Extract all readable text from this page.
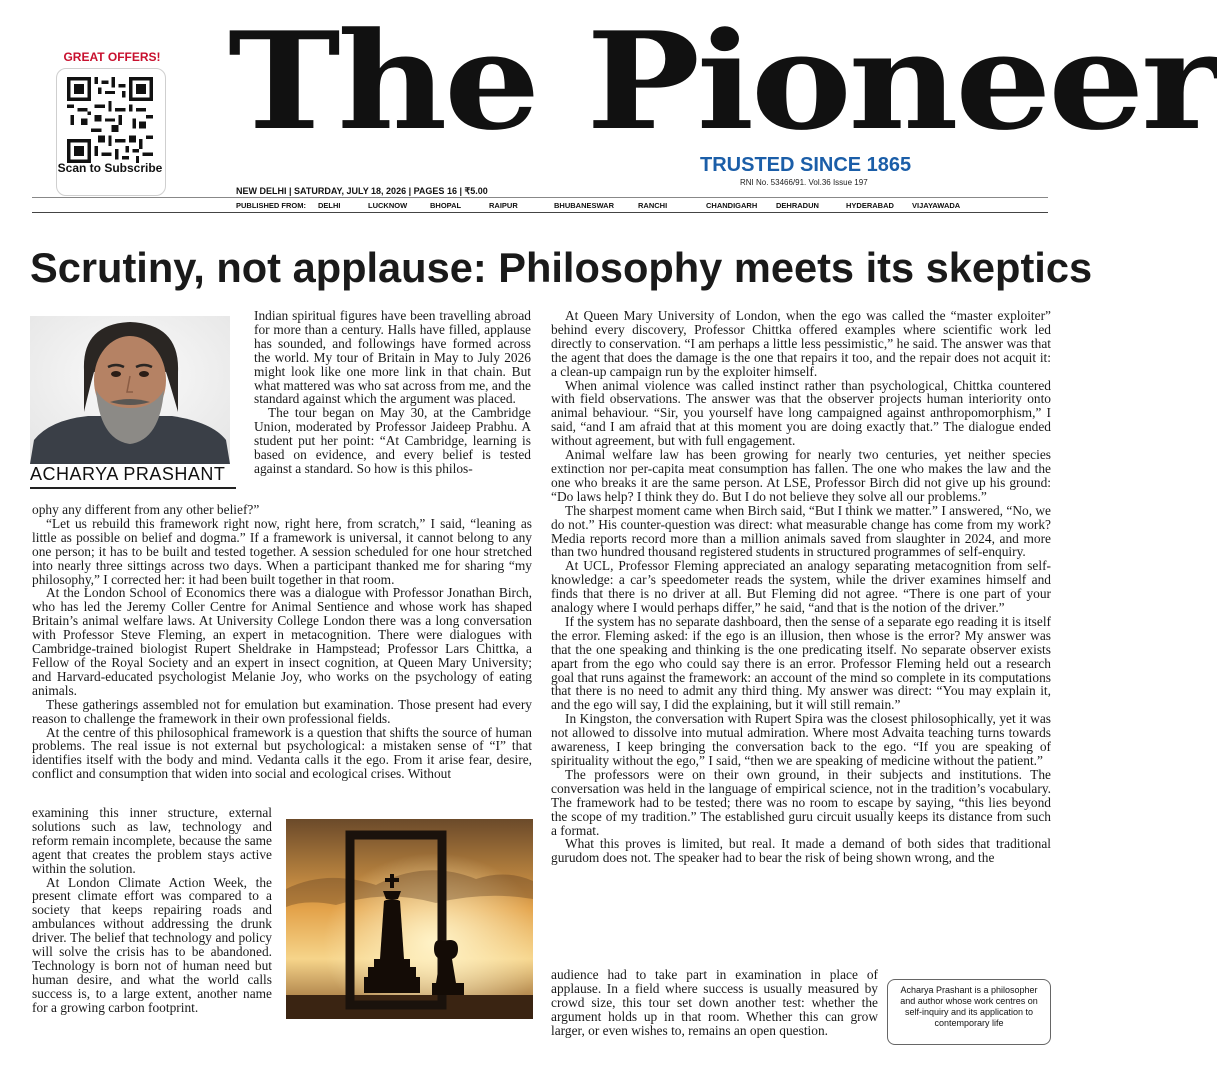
GREAT OFFERS!
Scan to Subscribe
The Pioneer
TRUSTED SINCE 1865
RNI No. 53466/91. Vol.36 Issue 197
NEW DELHI | SATURDAY, JULY 18, 2026 | PAGES 16 | ₹5.00
PUBLISHED FROM: DELHI	LUCKNOW	BHOPAL	RAIPUR	BHUBANESWAR	RANCHI	CHANDIGARH	DEHRADUN	HYDERABAD VIJAYAWADA
Scrutiny, not applause: Philosophy meets its skeptics
ACHARYA PRASHANT

Indian spiritual figures have been travelling abroad for more than a century. Halls have filled, applause has sounded, and followings have formed across the world. My tour of Britain in May to July 2026 might look like one more link in that chain. But what mattered was who sat across from me, and the standard against which the argument was placed.

The tour began on May 30, at the Cambridge Union, moderated by Professor Jaideep Prabhu. A student put her point: “At Cambridge, learning is based on evidence, and every belief is tested against a standard. So how is this philos-

ophy any different from any other belief?”

“Let us rebuild this framework right now, right here, from scratch,” I said, “leaning as little as possible on belief and dogma.” If a framework is universal, it cannot belong to any one person; it has to be built and tested together. A session scheduled for one hour stretched into nearly three sittings across two days. When a participant thanked me for sharing “my philosophy,” I corrected her: it had been built together in that room.

At the London School of Economics there was a dialogue with Professor Jonathan Birch, who has led the Jeremy Coller Centre for Animal Sentience and whose work has shaped Britain’s animal welfare laws. At University College London there was a long conversation with Professor Steve Fleming, an expert in metacognition. There were dialogues with Cambridge-trained biologist Rupert Sheldrake in Hampstead; Professor Lars Chittka, a Fellow of the Royal Society and an expert in insect cognition, at Queen Mary University; and Harvard-educated psychologist Melanie Joy, who works on the psychology of eating animals.

These gatherings assembled not for emulation but examination. Those present had every reason to challenge the framework in their own professional fields.

At the centre of this philosophical framework is a question that shifts the source of human problems. The real issue is not external but psychological: a mistaken sense of “I” that identifies itself with the body and mind. Vedanta calls it the ego. From it arise fear, desire, conflict and consumption that widen into social and ecological crises. Without

examining this inner structure, external solutions such as law, technology and reform remain incomplete, because the same agent that creates the problem stays active within the solution.

At London Climate Action Week, the present climate effort was compared to a society that keeps repairing roads and ambulances without addressing the drunk driver. The belief that technology and policy will solve the crisis has to be abandoned. Technology is born not of human need but human desire, and what the world calls success is, to a large extent, another name for a growing carbon footprint.

At Queen Mary University of London, when the ego was called the “master exploiter” behind every discovery, Professor Chittka offered examples where scientific work led directly to conservation. “I am perhaps a little less pessimistic,” he said. The answer was that the agent that does the damage is the one that repairs it too, and the repair does not acquit it: a clean-up campaign run by the exploiter himself.

When animal violence was called instinct rather than psychological, Chittka countered with field observations. The answer was that the observer projects human interiority onto animal behaviour. “Sir, you yourself have long campaigned against anthropomorphism,” I said, “and I am afraid that at this moment you are doing exactly that.” The dialogue ended without agreement, but with full engagement.

Animal welfare law has been growing for nearly two centuries, yet neither species extinction nor per-capita meat consumption has fallen. The one who makes the law and the one who breaks it are the same person. At LSE, Professor Birch did not give up his ground: “Do laws help? I think they do. But I do not believe they solve all our problems.”

The sharpest moment came when Birch said, “But I think we matter.” I answered, “No, we do not.” His counter-question was direct: what measurable change has come from my work? Media reports record more than a million animals saved from slaughter in 2024, and more than two hundred thousand registered students in structured programmes of self-enquiry.

At UCL, Professor Fleming appreciated an analogy separating metacognition from self-knowledge: a car’s speedometer reads the system, while the driver examines himself and finds that there is no driver at all. But Fleming did not agree. “There is one part of your analogy where I would perhaps differ,” he said, “and that is the notion of the driver.”

If the system has no separate dashboard, then the sense of a separate ego reading it is itself the error. Fleming asked: if the ego is an illusion, then whose is the error? My answer was that the one speaking and thinking is the one predicating itself. No separate observer exists apart from the ego who could say there is an error. Professor Fleming held out a research goal that runs against the framework: an account of the mind so complete in its computations that there is no need to admit any third thing. My answer was direct: “You may explain it, and the ego will say, I did the explaining, but it will still remain.”

In Kingston, the conversation with Rupert Spira was the closest philosophically, yet it was not allowed to dissolve into mutual admiration. Where most Advaita teaching turns towards awareness, I keep bringing the conversation back to the ego. “If you are speaking of spirituality without the ego,” I said, “then we are speaking of medicine without the patient.”

The professors were on their own ground, in their subjects and institutions. The conversation was held in the language of empirical science, not in the tradition’s vocabulary. The framework had to be tested; there was no room to escape by saying, “this lies beyond the scope of my tradition.” The established guru circuit usually keeps its distance from such a format.

What this proves is limited, but real. It made a demand of both sides that traditional gurudom does not. The speaker had to bear the risk of being shown wrong, and the

audience had to take part in examination in place of applause. In a field where success is usually measured by crowd size, this tour set down another test: whether the argument holds up in that room. Whether this can grow larger, or even wishes to, remains an open question.

Acharya Prashant is a philosopher and author whose work centres on self-inquiry and its application to contemporary life
